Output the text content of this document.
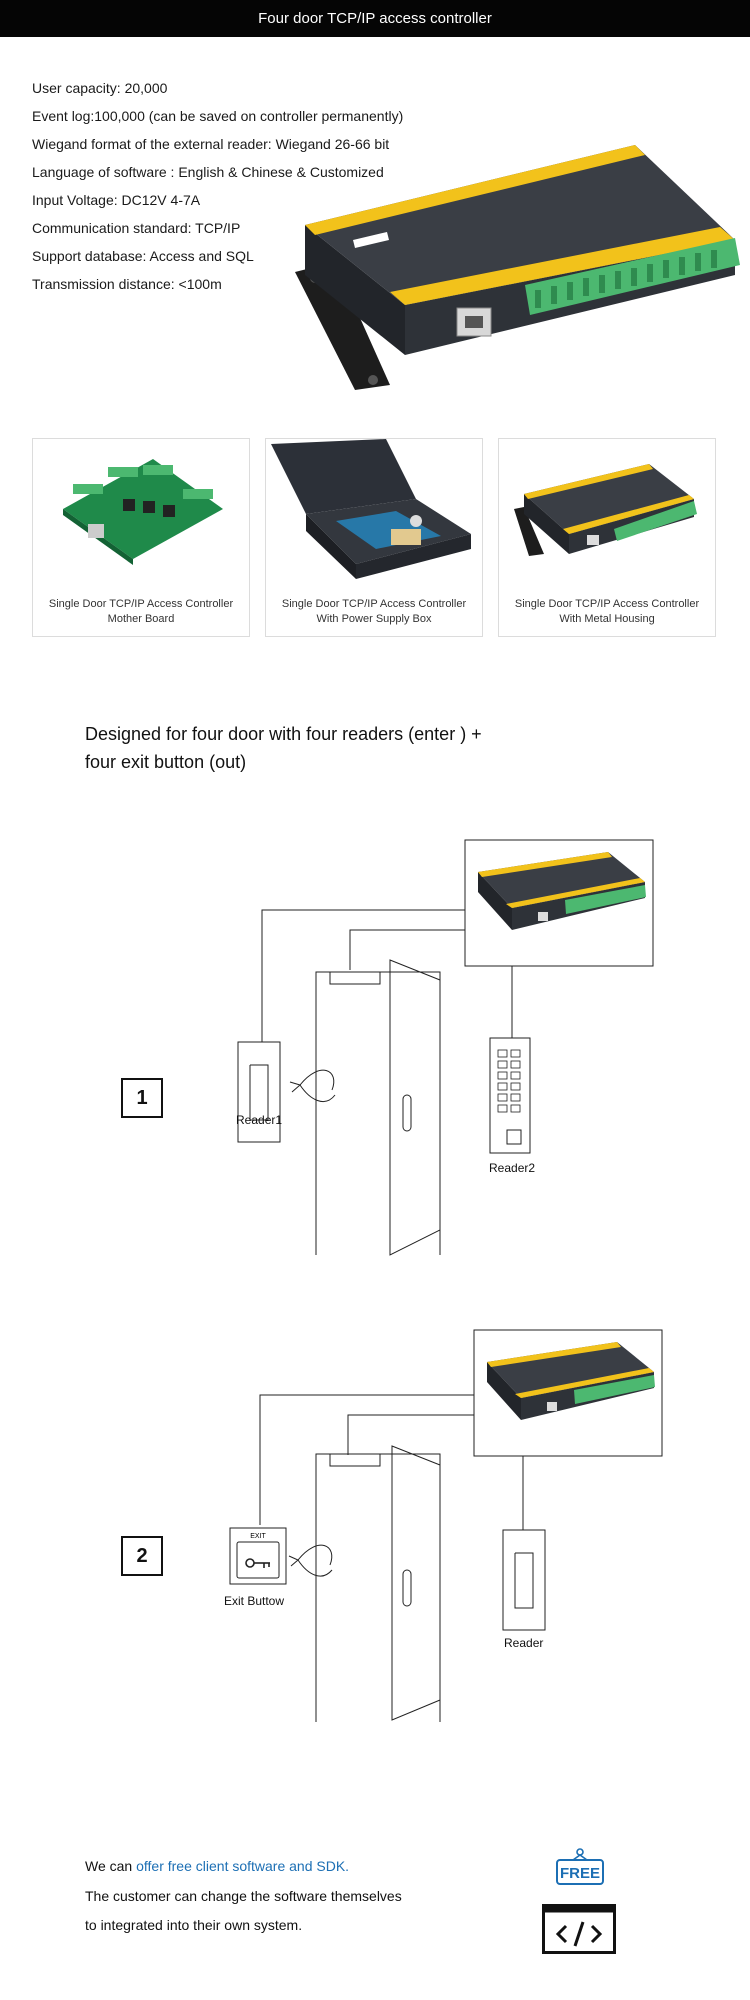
Four door TCP/IP access controller
User capacity: 20,000
Event log:100,000 (can be saved on controller permanently)
Wiegand format of the external reader: Wiegand 26-66 bit
Language of software : English & Chinese & Customized
Input Voltage: DC12V 4-7A
Communication standard: TCP/IP
Support database: Access and SQL
Transmission distance: <100m
Single Door TCP/IP Access Controller
Mother Board
Single Door TCP/IP Access Controller
With Power Supply Box
Single Door TCP/IP Access Controller
With Metal Housing
Designed for four door with four readers (enter ) +
four exit button (out)
1
Reader1
Reader2
EXIT
2
Exit Buttow
Reader
We can offer free client software and SDK.
The customer can change the software themselves
to integrated into their own system.
FREE
